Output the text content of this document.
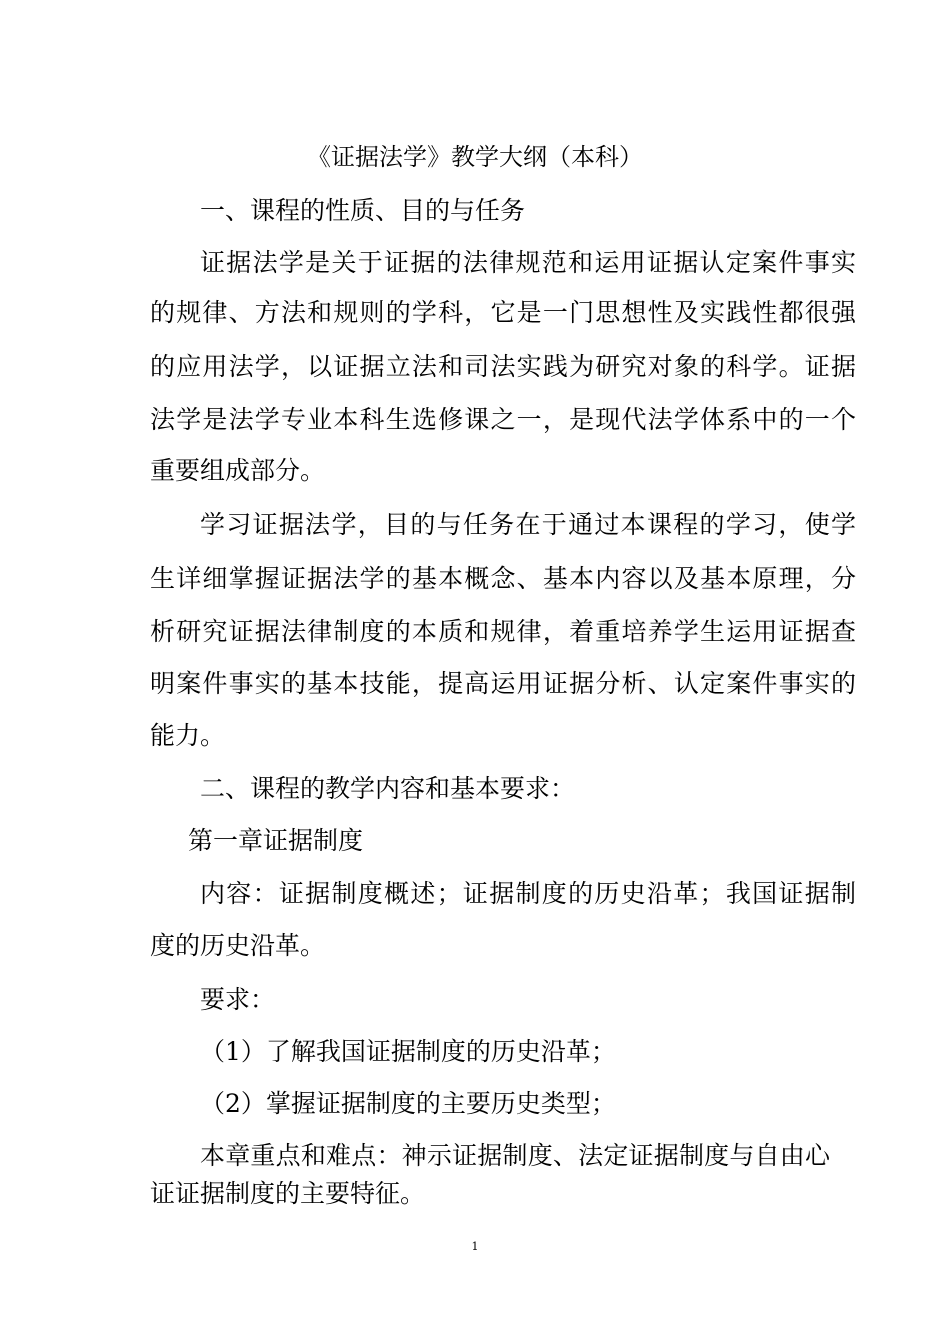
《证据法学》教学大纲（本科）

一、课程的性质、目的与任务

证据法学是关于证据的法律规范和运用证据认定案件事实

的规律、方法和规则的学科，它是一门思想性及实践性都很强

的应用法学，以证据立法和司法实践为研究对象的科学。证据

法学是法学专业本科生选修课之一，是现代法学体系中的一个

重要组成部分。

学习证据法学，目的与任务在于通过本课程的学习，使学

生详细掌握证据法学的基本概念、基本内容以及基本原理，分

析研究证据法律制度的本质和规律，着重培养学生运用证据查

明案件事实的基本技能，提高运用证据分析、认定案件事实的

能力。

二、课程的教学内容和基本要求：

第一章证据制度

内容：证据制度概述；证据制度的历史沿革；我国证据制

度的历史沿革。

要求：

（1）了解我国证据制度的历史沿革；

（2）掌握证据制度的主要历史类型；

本章重点和难点：神示证据制度、法定证据制度与自由心

证证据制度的主要特征。

1
